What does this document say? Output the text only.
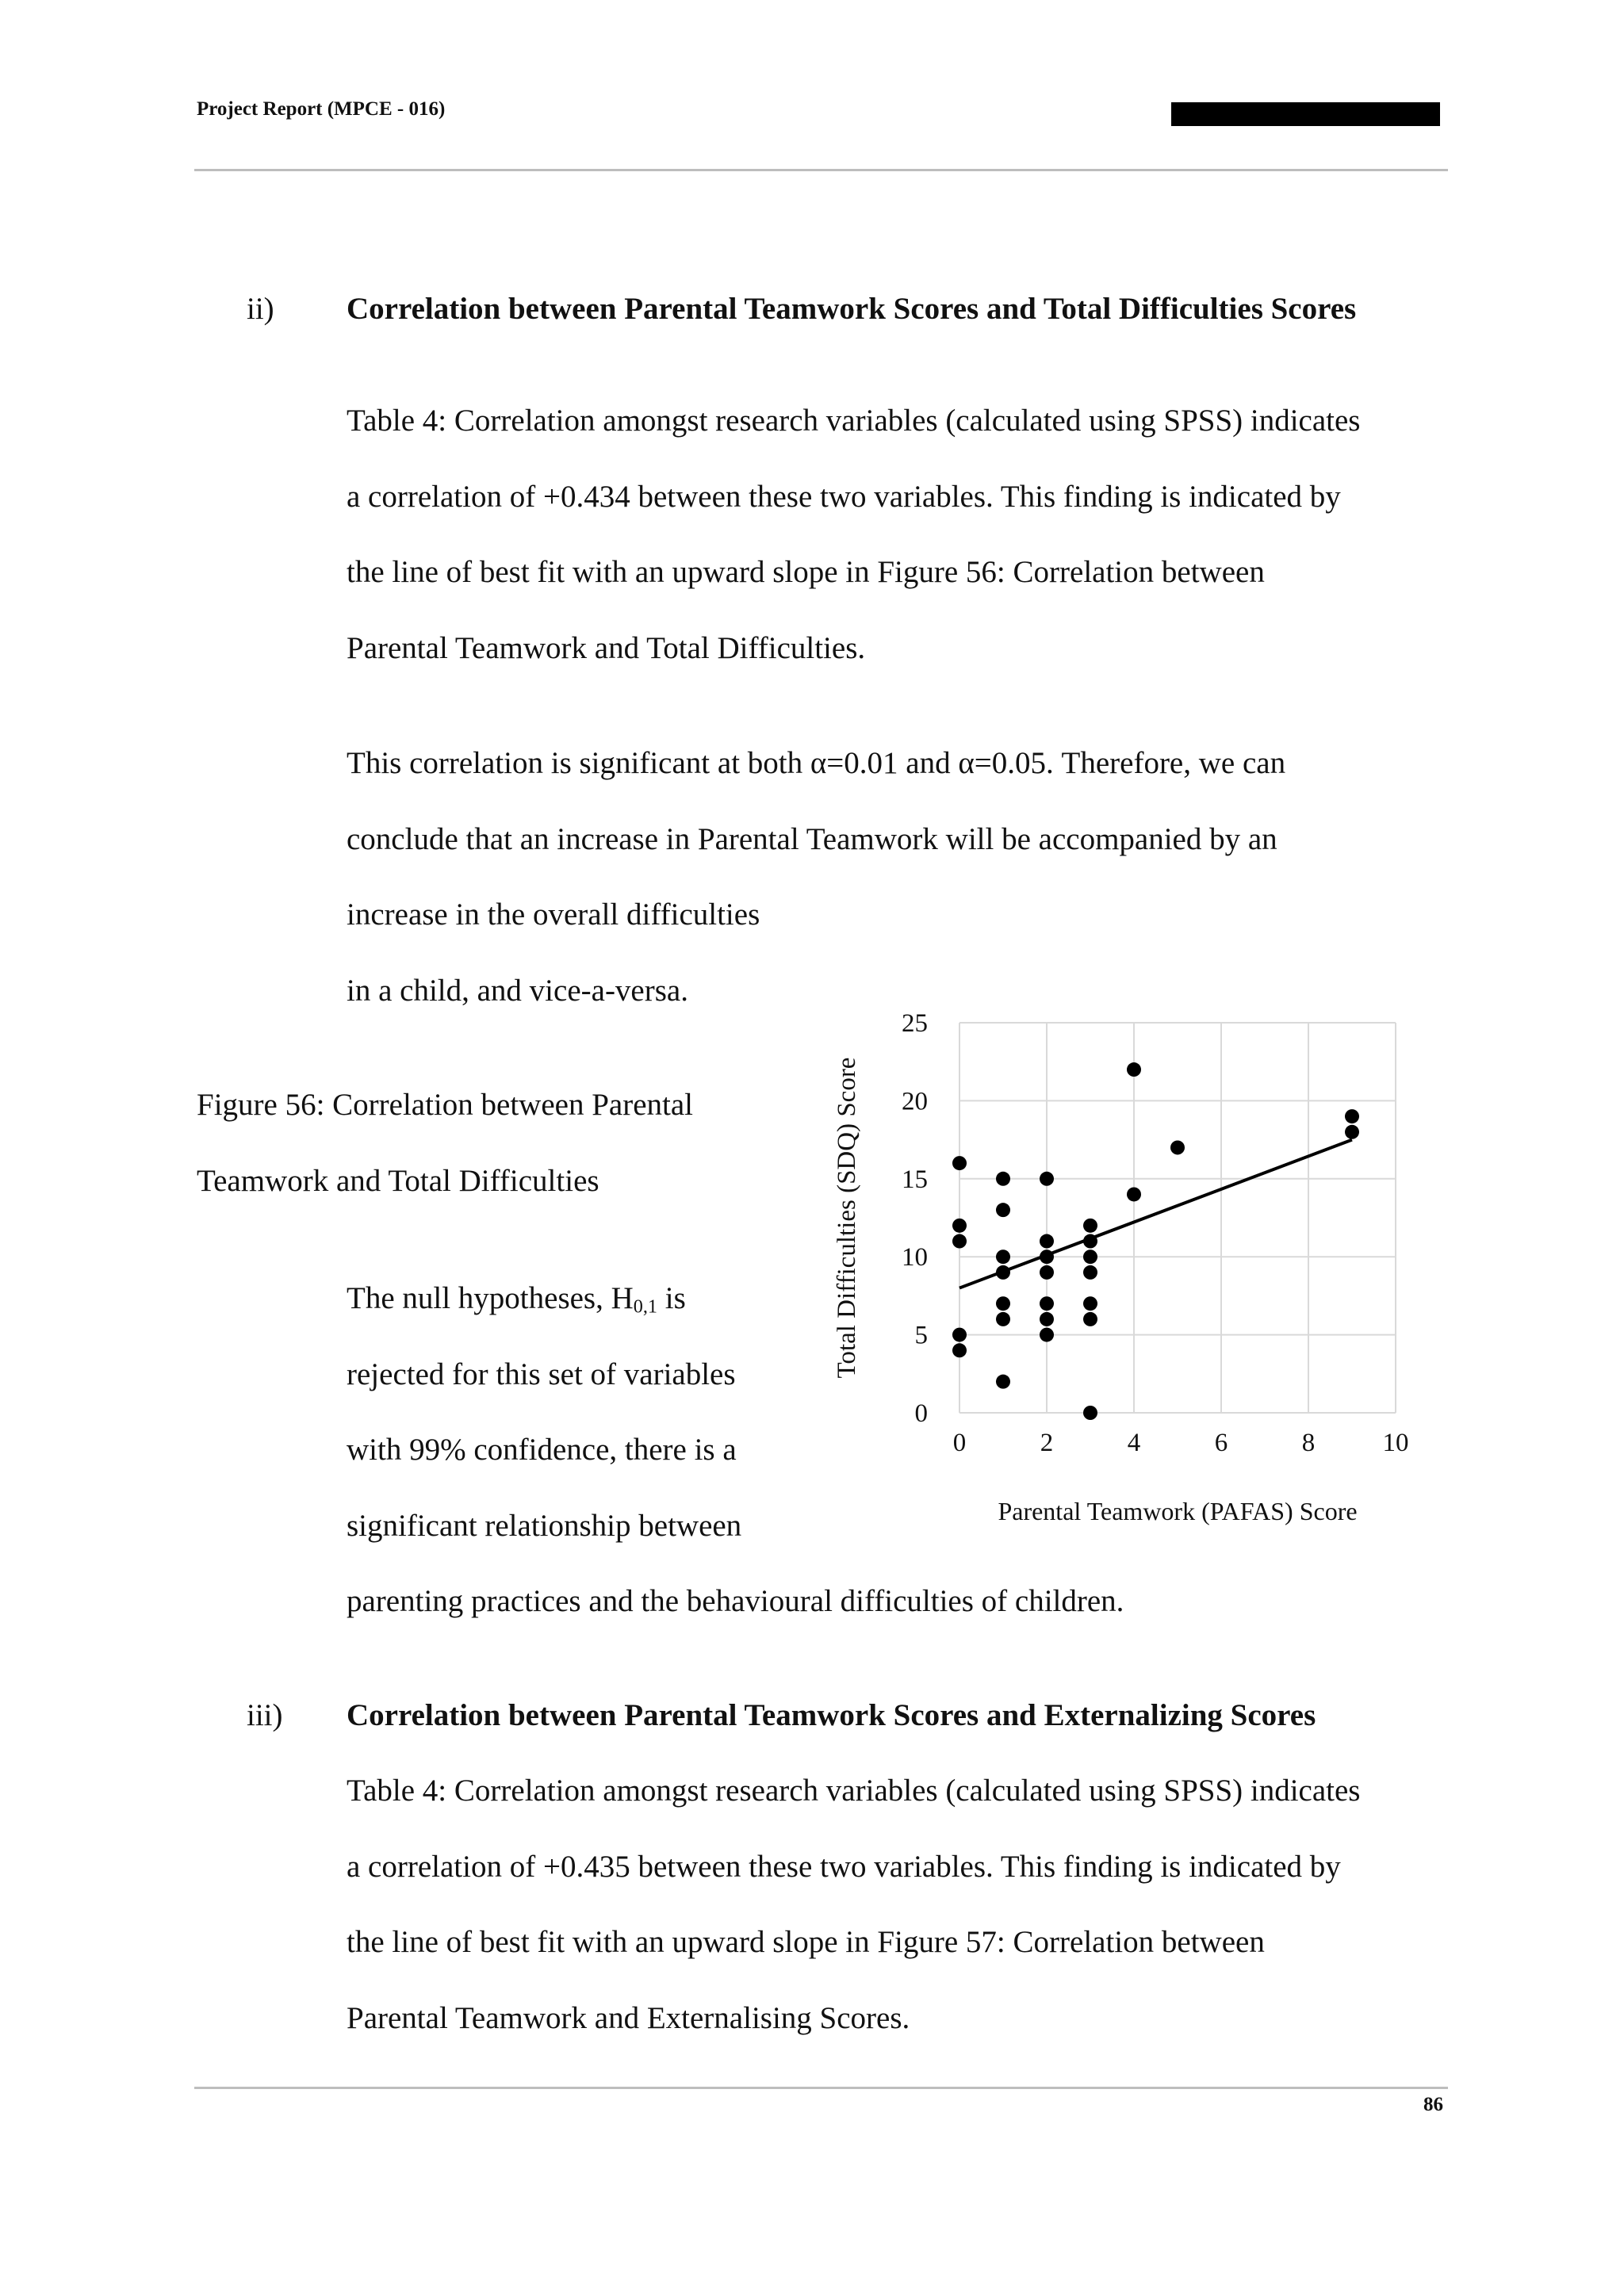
Project Report (MPCE - 016)
ii) Correlation between Parental Teamwork Scores and Total Difficulties Scores

Table 4: Correlation amongst research variables (calculated using SPSS) indicates

a correlation of +0.434 between these two variables. This finding is indicated by

the line of best fit with an upward slope in Figure 56: Correlation between

Parental Teamwork and Total Difficulties.

This correlation is significant at both α=0.01 and α=0.05. Therefore, we can

conclude that an increase in Parental Teamwork will be accompanied by an

increase in the overall difficulties

in a child, and vice-a-versa.

Figure 56: Correlation between Parental

Teamwork and Total Difficulties

The null hypotheses, $H_{0,1}$ is

rejected for this set of variables

with 99% confidence, there is a

significant relationship between

parenting practices and the behavioural difficulties of children.

0	2	4	6	8	10
0
5
10
15
20
25
Total Difficulties (SDQ) Score
Parental Teamwork (PAFAS) Score
iii) Correlation between Parental Teamwork Scores and Externalizing Scores

Table 4: Correlation amongst research variables (calculated using SPSS) indicates

a correlation of +0.435 between these two variables. This finding is indicated by

the line of best fit with an upward slope in Figure 57: Correlation between

Parental Teamwork and Externalising Scores.

86
